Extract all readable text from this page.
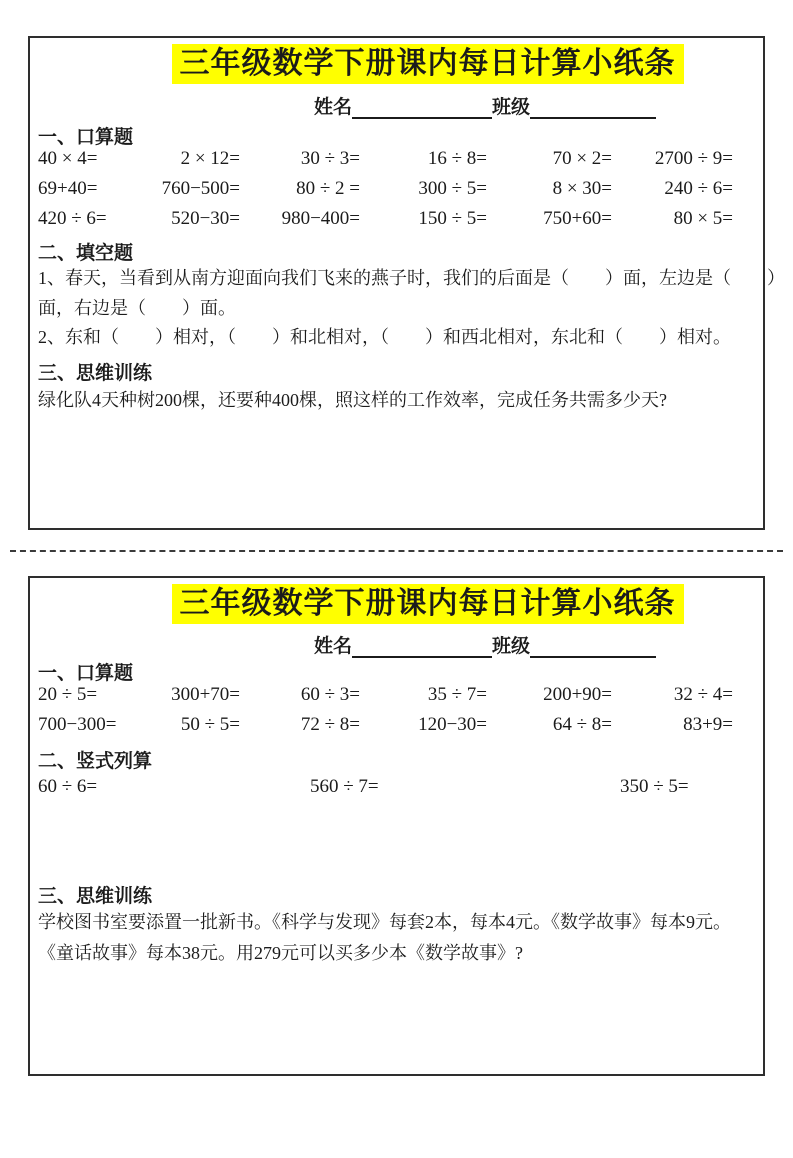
三年级数学下册课内每日计算小纸条
姓名	班级
一、口算题
40 × 4=	2 × 12=	30 ÷ 3=	16 ÷ 8=	70 × 2=	2700 ÷ 9=
69+40=	760−500=	80 ÷ 2 =	300 ÷ 5=	8 × 30=	240 ÷ 6=
420 ÷ 6=	520−30=	980−400=	150 ÷ 5=	750+60=	80 × 5=
二、填空题
1、春天，当看到从南方迎面向我们飞来的燕子时，我们的后面是（　　）面，左边是（　　）
面，右边是（　　）面。
2、东和（　　）相对，（　　）和北相对，（　　）和西北相对，东北和（　　）相对。
三、思维训练
绿化队4天种树200棵，还要种400棵，照这样的工作效率，完成任务共需多少天?
三年级数学下册课内每日计算小纸条
姓名	班级
一、口算题
20 ÷ 5=	300+70=	60 ÷ 3=	35 ÷ 7=	200+90=	32 ÷ 4=
700−300=	50 ÷ 5=	72 ÷ 8=	120−30=	64 ÷ 8=	83+9=
二、竖式列算
60 ÷ 6=	560 ÷ 7=	350 ÷ 5=
三、思维训练
学校图书室要添置一批新书。《科学与发现》每套2本，每本4元。《数学故事》每本9元。
《童话故事》每本38元。用279元可以买多少本《数学故事》?
